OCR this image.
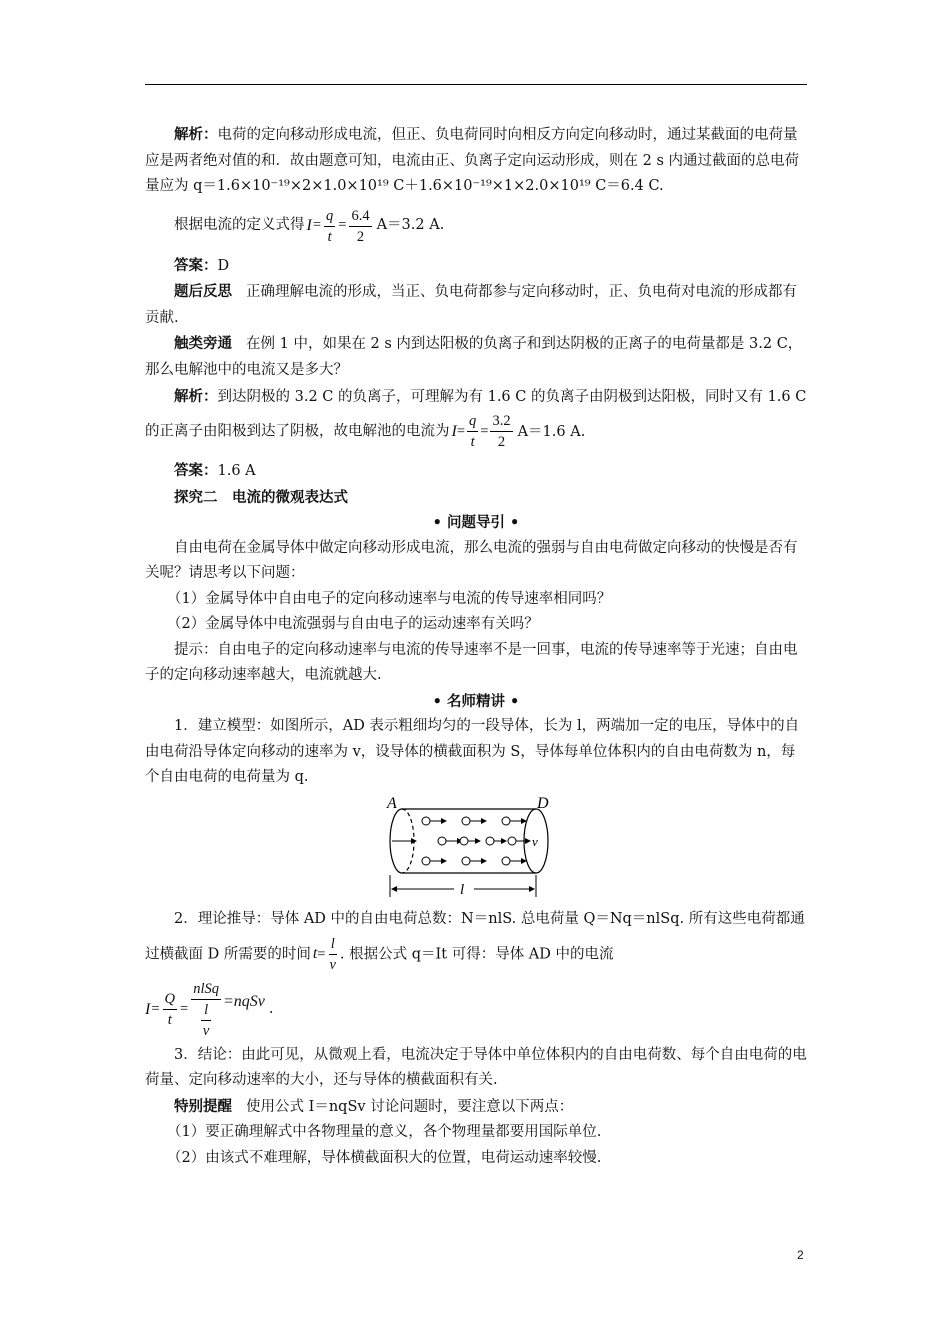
解析：电荷的定向移动形成电流，但正、负电荷同时向相反方向定向移动时，通过某截面的电荷量应是两者绝对值的和．故由题意可知，电流由正、负离子定向运动形成，则在 2 s 内通过截面的总电荷量应为 q＝1.6×10⁻¹⁹×2×1.0×10¹⁹ C＋1.6×10⁻¹⁹×1×2.0×10¹⁹ C＝6.4 C.

根据电流的定义式得 $I = \frac{q}{t} = \frac{6.4}{2} A=3.2$ A.

答案：D

题后反思 正确理解电流的形成，当正、负电荷都参与定向移动时，正、负电荷对电流的形成都有贡献.

触类旁通 在例 1 中，如果在 2 s 内到达阳极的负离子和到达阴极的正离子的电荷量都是 3.2 C，那么电解池中的电流又是多大？

解析：到达阴极的 3.2 C 的负离子，可理解为有 1.6 C 的负离子由阴极到达阳极，同时又有 1.6 C 的正离子由阳极到达了阴极，故电解池的电流为 $I= \frac{q}{t} = \frac{3.2}{2} A=1.6$ A.

答案：1.6 A

探究二　电流的微观表达式

• 问题导引 •

自由电荷在金属导体中做定向移动形成电流，那么电流的强弱与自由电荷做定向移动的快慢是否有关呢？请思考以下问题：

（1）金属导体中自由电子的定向移动速率与电流的传导速率相同吗？

（2）金属导体中电流强弱与自由电子的运动速率有关吗？

提示：自由电子的定向移动速率与电流的传导速率不是一回事，电流的传导速率等于光速；自由电子的定向移动速率越大，电流就越大.

• 名师精讲 •

1．建立模型：如图所示，AD 表示粗细均匀的一段导体，长为 l，两端加一定的电压，导体中的自由电荷沿导体定向移动的速率为 v，设导体的横截面积为 S，导体每单位体积内的自由电荷数为 n，每个自由电荷的电荷量为 q.

A	D
v
l

2．理论推导：导体 AD 中的自由电荷总数：N＝nlS. 总电荷量 Q＝Nq＝nlSq. 所有这些电荷都通过横截面 D 所需要的时间 $t= \frac{l}{v}$ . 根据公式 q＝It 可得：导体 AD 中的电流

$I = \frac{Q}{t}$ = nlSq
l
v =nqSv .

3．结论：由此可见，从微观上看，电流决定于导体中单位体积内的自由电荷数、每个自由电荷的电荷量、定向移动速率的大小，还与导体的横截面积有关.

特别提醒 使用公式 I＝nqSv 讨论问题时，要注意以下两点：

（1）要正确理解式中各物理量的意义，各个物理量都要用国际单位.

（2）由该式不难理解，导体横截面积大的位置，电荷运动速率较慢.

2
